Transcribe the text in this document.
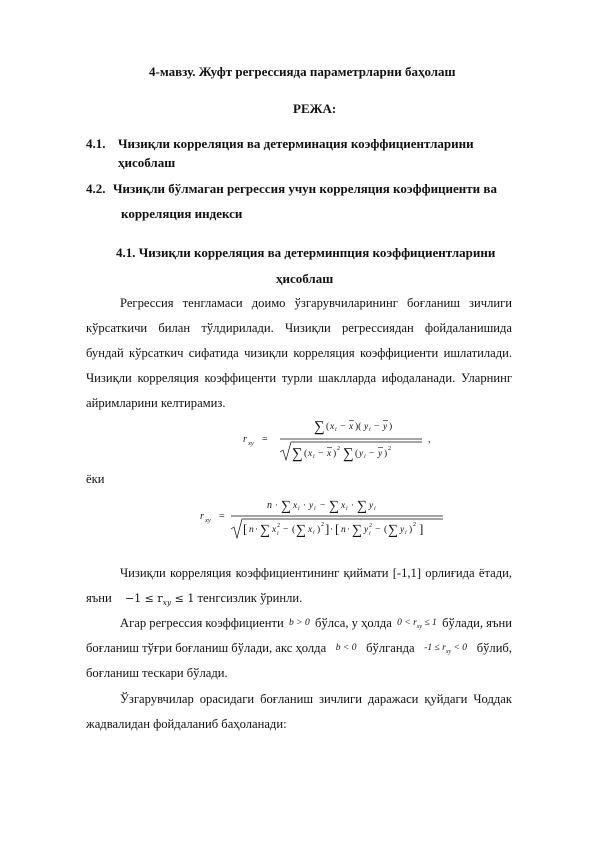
4-мавзу. Жуфт регрессияда параметрларни баҳолаш
РЕЖА:
4.1. Чизиқли корреляция ва детерминация коэффициентларини
ҳисоблаш
4.2. Чизиқли бўлмаган регрессия учун корреляция коэффициенти ва
корреляция индекси
4.1. Чизиқли корреляция ва детерминпция коэффициентларини
ҳисоблаш
Регрессия тенгламаси доимо ўзгарувчиларининг боғланиш зичлиги
кўрсаткичи билан тўлдирилади. Чизиқли регрессиядан фойдаланишида
бундай кўрсаткич сифатида чизиқли корреляция коэффициенти ишлатилади.
Чизиқли корреляция коэффиценти турли шаклларда ифодаланади. Уларнинг
айримларини келтирамиз.
r xy =
∑ ( x i − x )( y i − y )
∑ ( x i − x ) 2 ∑ ( y i − y ) 2
,
ёки
r xy =
n · ∑ x i · y i − ∑ x i · ∑ y i
[ n · ∑ x 2
i − ( ∑ x i ) 2 ] · [ n · ∑ y 2
i − ( ∑ y i ) 2 ]
Чизиқли корреляция коэффициентининг қиймати [-1,1] орлиғида ётади,
яъни $-1 \le r_{xy} \le 1$ тенгсизлик ўринли.
Агар регрессия коэффициенти b > 0 бўлса, у ҳолда $0 < r_{xy} \le 1$ бўлади, яъни
боғланиш тўғри боғланиш бўлади, акс ҳолда b < 0 бўлганда $-1 \le r_{xy} < 0$ бўлиб,
боғланиш тескари бўлади.
Ўзгарувчилар орасидаги боғланиш зичлиги даражаси қуйдаги Чоддак
жадвалидан фойдаланиб баҳоланади:
